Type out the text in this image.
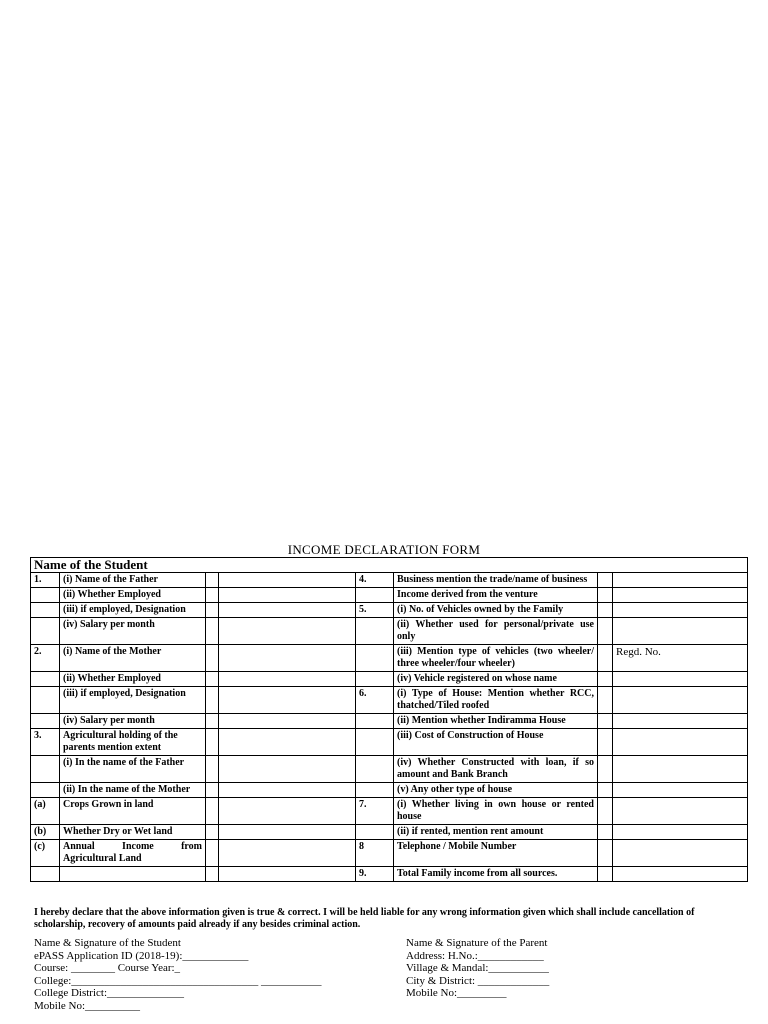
INCOME DECLARATION FORM
Name of the Student							
1.	(i) Name of the Father			4.	Business mention the trade/name of business		
	(ii) Whether Employed				Income derived from the venture		
	(iii) if employed, Designation			5.	(i) No. of Vehicles owned by the Family		
	(iv) Salary per month				(ii) Whether used for personal/private use only		
2.	(i) Name of the Mother				(iii) Mention type of vehicles (two wheeler/ three wheeler/four wheeler)		Regd. No.
	(ii) Whether Employed				(iv) Vehicle registered on whose name		
	(iii) if employed, Designation			6.	(i) Type of House: Mention whether RCC, thatched/Tiled roofed		
	(iv) Salary per month				(ii) Mention whether Indiramma House		
3.	Agricultural holding of the parents mention extent				(iii) Cost of Construction of House		
	(i) In the name of the Father				(iv) Whether Constructed with loan, if so amount and Bank Branch		
	(ii) In the name of the Mother				(v) Any other type of house		
(a)	Crops Grown in land			7.	(i) Whether living in own house or rented house		
(b)	Whether Dry or Wet land				(ii) if rented, mention rent amount		
(c)	Annual Income from Agricultural Land			8	Telephone / Mobile Number		
				9.	Total Family income from all sources.		
I hereby declare that the above information given is true & correct. I will be held liable for any wrong information given which shall include cancellation of scholarship, recovery of amounts paid already if any besides criminal action.
Name & Signature of the Student
ePASS Application ID (2018-19):____________
Course: ________ Course Year:_
College:__________________________________ ___________
College District:______________
Mobile No:__________
Name & Signature of the Parent
Address: H.No.:____________
Village & Mandal:___________
City & District: _____________
Mobile No:_________
